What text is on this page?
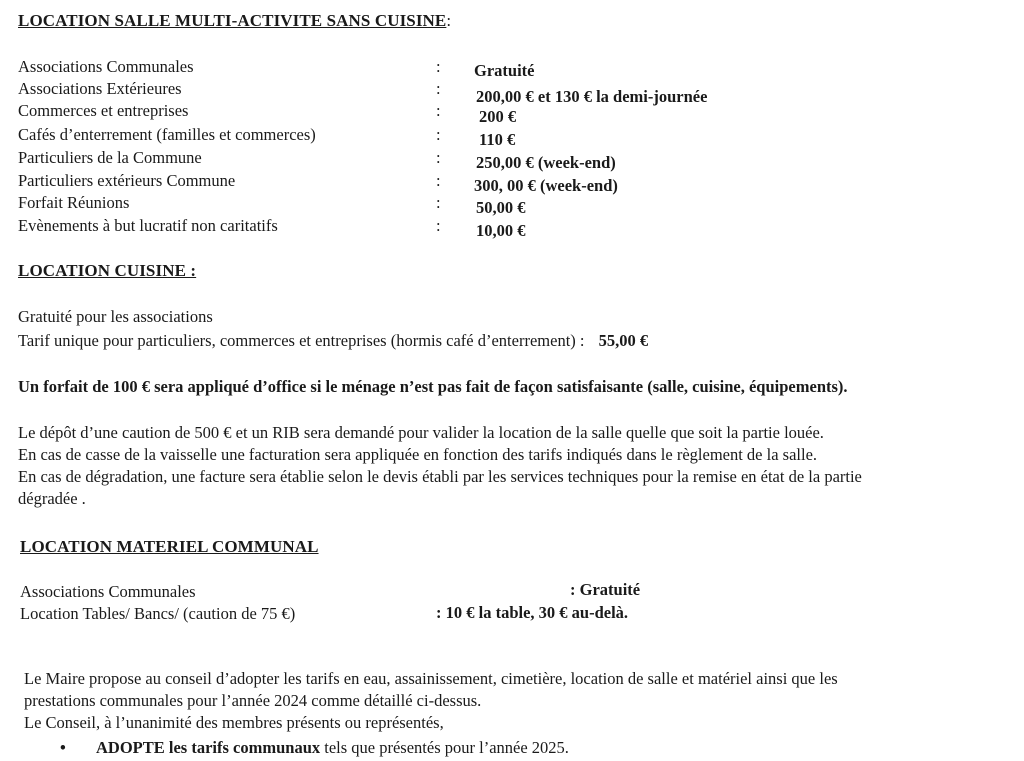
LOCATION SALLE MULTI-ACTIVITE SANS CUISINE:
Associations Communales	: Gratuité
Associations Extérieures	: 200,00 € et 130 € la demi-journée
Commerces et entreprises	: 200 €
Cafés d’enterrement (familles et commerces)	: 110 €
Particuliers de la Commune	: 250,00 € (week-end)
Particuliers extérieurs Commune	: 300, 00 € (week-end)
Forfait Réunions	: 50,00 €
Evènements à but lucratif non caritatifs	: 10,00 €
LOCATION CUISINE :
Gratuité pour les associations
Tarif unique pour particuliers, commerces et entreprises (hormis café d’enterrement) : 55,00 €
Un forfait de 100 € sera appliqué d’office si le ménage n’est pas fait de façon satisfaisante (salle, cuisine, équipements).
Le dépôt d’une caution de 500 € et un RIB sera demandé pour valider la location de la salle quelle que soit la partie louée.
En cas de casse de la vaisselle une facturation sera appliquée en fonction des tarifs indiqués dans le règlement de la salle.
En cas de dégradation, une facture sera établie selon le devis établi par les services techniques pour la remise en état de la partie
dégradée .
LOCATION MATERIEL COMMUNAL
Associations Communales	: Gratuité
Location Tables/ Bancs/ (caution de 75 €)	: 10 € la table, 30 € au-delà.
Le Maire propose au conseil d’adopter les tarifs en eau, assainissement, cimetière, location de salle et matériel ainsi que les
prestations communales pour l’année 2024 comme détaillé ci-dessus.
Le Conseil, à l’unanimité des membres présents ou représentés,
• ADOPTE les tarifs communaux tels que présentés pour l’année 2025.
